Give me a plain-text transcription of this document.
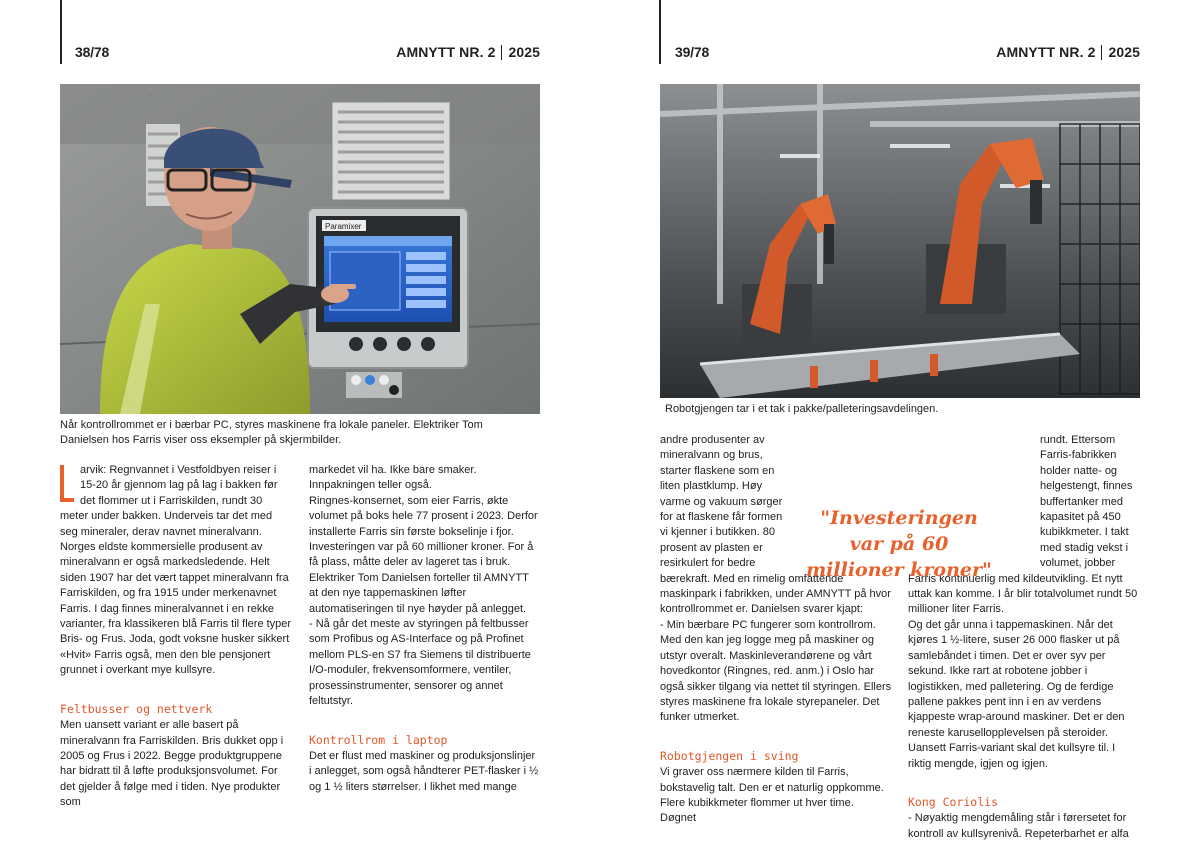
38/78	AMNYTT NR. 2 2025
Paramixer
·
Når kontrollrommet er i bærbar PC, styres maskinene fra lokale paneler. Elektriker Tom Danielsen hos Farris viser oss eksempler på skjermbilder.

arvik: Regnvannet i Vestfoldbyen reiser i 15-20 år gjennom lag på lag i bakken før det flommer ut i Farriskilden, rundt 30 meter under bakken. Underveis tar det med seg mineraler, derav navnet mineralvann. Norges eldste kommersielle produsent av mineralvann er også markedsledende. Helt siden 1907 har det vært tappet mineralvann fra Farriskilden, og fra 1915 under merkenavnet Farris. I dag finnes mineralvannet i en rekke varianter, fra klassikeren blå Farris til flere typer Bris- og Frus. Joda, godt voksne husker sikkert «Hvit» Farris også, men den ble pensjonert grunnet i overkant mye kullsyre.

Feltbusser og nettverk

Men uansett variant er alle basert på mineralvann fra Farriskilden. Bris dukket opp i 2005 og Frus i 2022. Begge produktgruppene har bidratt til å løfte produksjonsvolumet. For det gjelder å følge med i tiden. Nye produkter som

markedet vil ha. Ikke bare smaker. Innpakningen teller også.

Ringnes-konsernet, som eier Farris, økte volumet på boks hele 77 prosent i 2023. Derfor installerte Farris sin første bokselinje i fjor. Investeringen var på 60 millioner kroner. For å få plass, måtte deler av lageret tas i bruk. Elektriker Tom Danielsen forteller til AMNYTT at den nye tappemaskinen løfter automatiseringen til nye høyder på anlegget.

- Nå går det meste av styringen på feltbusser som Profibus og AS-Interface og på Profinet mellom PLS-en S7 fra Siemens til distribuerte I/O-moduler, frekvensomformere, ventiler, prosessinstrumenter, sensorer og annet feltutstyr.

Kontrollrom i laptop

Det er flust med maskiner og produksjonslinjer i anlegget, som også håndterer PET-flasker i ½ og 1 ½ liters størrelser. I likhet med mange

39/78	AMNYTT NR. 2 2025
Robotgjengen tar i et tak i pakke/palleteringsavdelingen.

andre produsenter av mineralvann og brus, starter flaskene som en liten plastklump. Høy varme og vakuum sørger for at flaskene får formen vi kjenner i butikken. 80 prosent av plasten er resirkulert for bedre bærekraft. Med en rimelig omfattende maskinpark i fabrikken, under AMNYTT på hvor kontrollrommet er. Danielsen svarer kjapt:

- Min bærbare PC fungerer som kontrollrom. Med den kan jeg logge meg på maskiner og utstyr overalt. Maskinleverandørene og vårt hovedkontor (Ringnes, red. anm.) i Oslo har også sikker tilgang via nettet til styringen. Ellers styres maskinene fra lokale styrepaneler. Det funker utmerket.

Robotgjengen i sving

Vi graver oss nærmere kilden til Farris, bokstavelig talt. Den er et naturlig oppkomme. Flere kubikkmeter flommer ut hver time. Døgnet

rundt. Ettersom Farris-fabrikken holder natte- og helgestengt, finnes buffertanker med kapasitet på 450 kubikkmeter. I takt med stadig vekst i volumet, jobber Farris kontinuerlig med kildeutvikling. Et nytt uttak kan komme. I år blir totalvolumet rundt 50 millioner liter Farris.

Og det går unna i tappemaskinen. Når det kjøres 1 ½-litere, suser 26 000 flasker ut på samlebåndet i timen. Det er over syv per sekund. Ikke rart at robotene jobber i logistikken, med palletering. Og de ferdige pallene pakkes pent inn i en av verdens kjappeste wrap-around maskiner. Det er den reneste karusellopplevelsen på steroider.

Uansett Farris-variant skal det kullsyre til. I riktig mengde, igjen og igjen.

Kong Coriolis

- Nøyaktig mengdemåling står i førersetet for kontroll av kullsyrenivå. Repeterbarhet er alfa

"Investeringen var på 60 millioner kroner"
